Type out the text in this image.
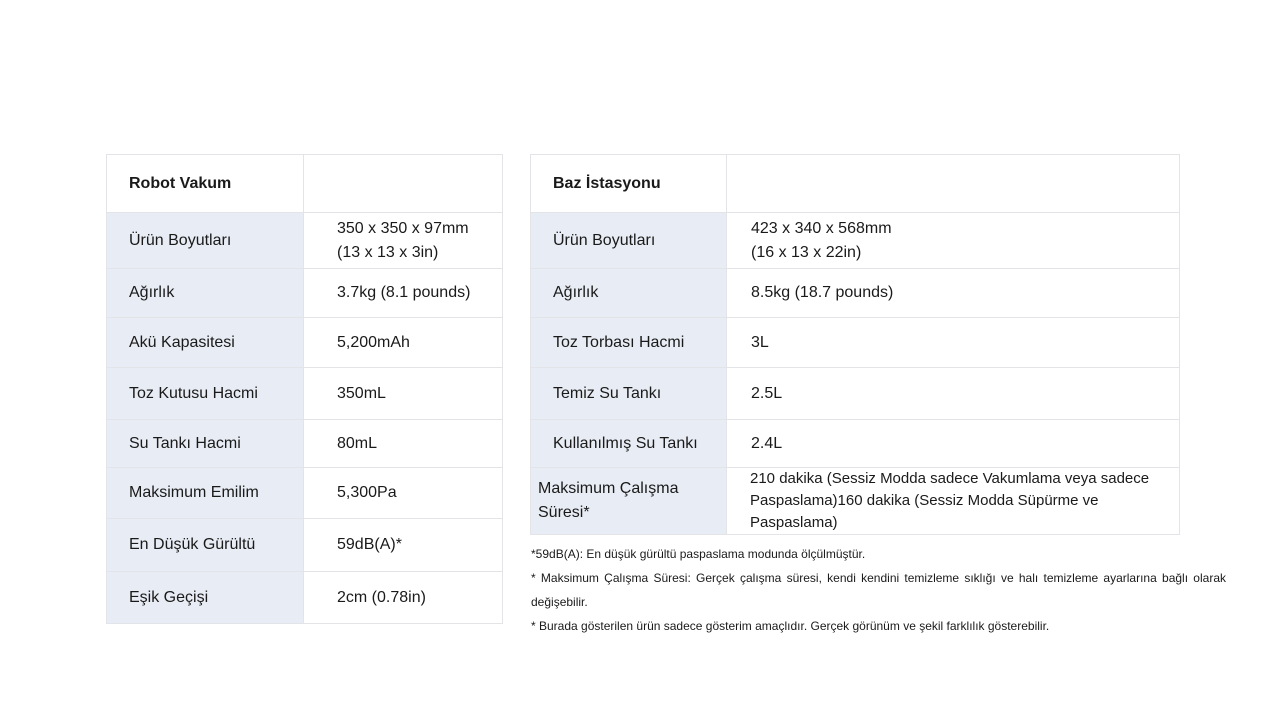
Robot Vakum	
Ürün Boyutları	350 x 350 x 97mm
(13 x 13 x 3in)

Ağırlık	3.7kg (8.1 pounds)
Akü Kapasitesi	5,200mAh
Toz Kutusu Hacmi	350mL
Su Tankı Hacmi	80mL
Maksimum Emilim	5,300Pa
En Düşük Gürültü	59dB(A)*
Eşik Geçişi	2cm (0.78in)
Baz İstasyonu	
Ürün Boyutları	423 x 340 x 568mm
(16 x 13 x 22in)

Ağırlık	8.5kg (18.7 pounds)
Toz Torbası Hacmi	3L
Temiz Su Tankı	2.5L
Kullanılmış Su Tankı	2.4L
Maksimum Çalışma Süresi*	210 dakika (Sessiz Modda sadece Vakumlama veya sadece
Paspaslama)160 dakika (Sessiz Modda Süpürme ve Paspaslama)

*59dB(A): En düşük gürültü paspaslama modunda ölçülmüştür.

* Maksimum Çalışma Süresi: Gerçek çalışma süresi, kendi kendini temizleme sıklığı ve halı temizleme ayarlarına bağlı olarak değişebilir.

* Burada gösterilen ürün sadece gösterim amaçlıdır. Gerçek görünüm ve şekil farklılık gösterebilir.
